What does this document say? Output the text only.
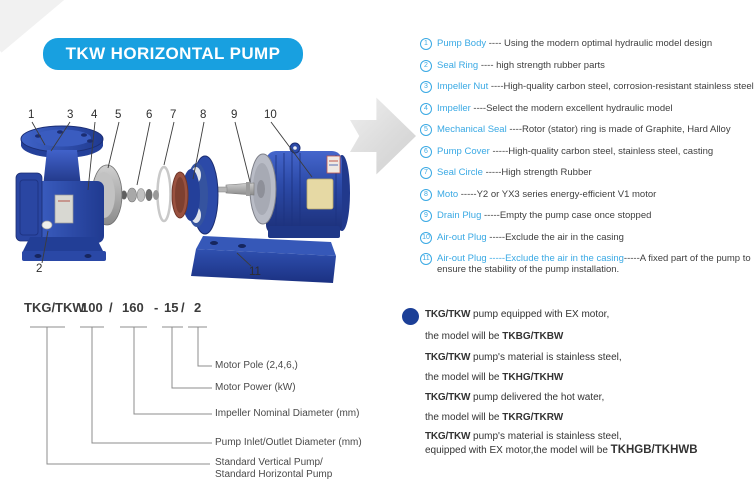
TKW HORIZONTAL PUMP
1	3 4 5 6 7 8 9 10
2	11
1 Pump Body ---- Using the modern optimal hydraulic model design
2 Seal Ring ---- high strength rubber parts
3 Impeller Nut ----High-quality carbon steel, corrosion-resistant stainless steel
4 Impeller ----Select the modern excellent hydraulic model
5 Mechanical Seal ----Rotor (stator) ring is made of Graphite, Hard Alloy
6 Pump Cover -----High-quality carbon steel, stainless steel, casting
7 Seal Circle -----High strength Rubber
8 Moto -----Y2 or YX3 series energy-efficient V1 motor
9 Drain Plug -----Empty the pump case once stopped
10 Air-out Plug -----Exclude the air in the casing
11 Air-out Plug -----Exclude the air in the casing-----A fixed part of the pump to
ensure the stability of the pump installation.
TKG/TKW
100 / 160 - 15 / 2
Motor Pole (2,4,6,)
Motor Power (kW)
Impeller Nominal Diameter (mm)
Pump Inlet/Outlet Diameter (mm)
Standard Vertical Pump/
Standard Horizontal Pump
TKG/TKW pump equipped with EX motor,
the model will be TKBG/TKBW
TKG/TKW pump's material is stainless steel,
the model will be TKHG/TKHW
TKG/TKW pump delivered the hot water,
the model will be TKRG/TKRW
TKG/TKW pump's material is stainless steel,
equipped with EX motor,the model will be TKHGB/TKHWB
